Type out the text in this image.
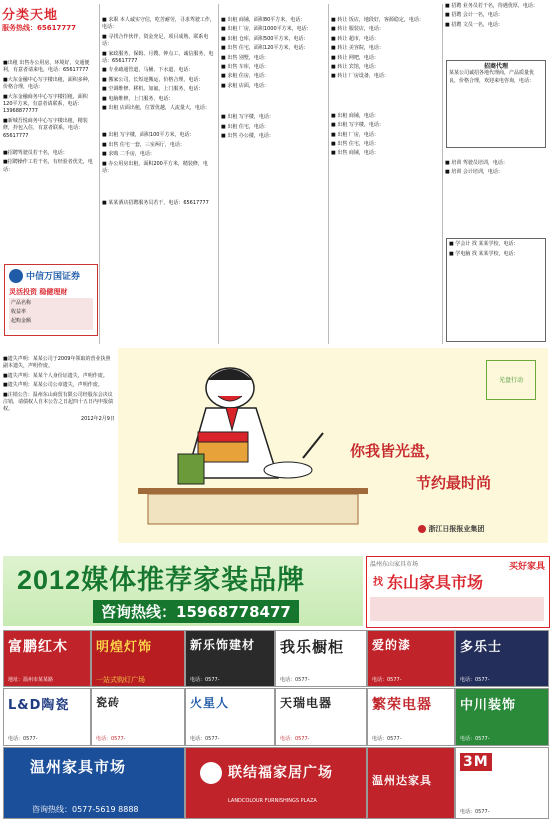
分类天地
服务热线：65617777

■出租 出售办公用房，环境好，交通便利，有意者请来电，电话：65617777

■大东金融中心写字楼出租，面积多种，价格合理，电话：

■大东金融商务中心写字楼招租，面积120平方米，有意者请联系，电话：13968877777

■新城吾悦商务中心写字楼出租，精装修，拎包入住，有意者联系，电话：65617777

■招聘驾驶员若干名，电话：

■招聘操作工若干名，有经验者优先，电话：

中信万国证券
灵活投资 稳健理财
产品名称
收益率
起购金额

■ 求职 本人诚实守信，吃苦耐劳，寻求驾驶工作，电话：

■ 寻找合作伙伴，资金充足，项目成熟，联系电话：

■ 家政服务，保姆、月嫂、钟点工，诚信服务，电话：65617777

■ 专业疏通管道，马桶、下水道，电话：

■ 搬家公司，长短途搬运，价格合理，电话：

■ 空调维修、移机、加氟，上门服务，电话：

■ 电脑维修，上门服务，电话：

■ 出租 店面出租，位置优越，人流量大，电话：

■ 出租 写字楼，面积100平方米，电话：

■ 出售 住宅一套，三室两厅，电话：

■ 求购 二手房，电话：

■ 办公用房出租，面积200平方米，精装修，电话：

■ 某某酒店招聘服务员若干，电话：65617777

■ 出租 商铺，面积80平方米，电话：

■ 出租 厂房，面积1000平方米，电话：

■ 出租 仓库，面积500平方米，电话：

■ 出售 住宅，面积120平方米，电话：

■ 出售 别墅，电话：

■ 出售 车库，电话：

■ 求租 住房，电话：

■ 求租 店面，电话：

■ 出租 写字楼，电话：

■ 出租 住宅，电话：

■ 出售 办公楼，电话：

■ 转让 饭店，地段好，客源稳定，电话：

■ 转让 服装店，电话：

■ 转让 超市，电话：

■ 转让 美容院，电话：

■ 转让 网吧，电话：

■ 转让 宾馆，电话：

■ 转让 厂房设备，电话：

■ 出租 商铺，电话：

■ 出租 写字楼，电话：

■ 出租 厂房，电话：

■ 出售 住宅，电话：

■ 出售 商铺，电话：

■ 招聘 业务员若干名，待遇优厚，电话：

■ 招聘 会计一名，电话：

■ 招聘 文员一名，电话：

招商代理
某某公司诚招各地代理商，产品质量优良，价格合理，欢迎来电咨询，电话：

■ 培训 驾驶员培训，电话：

■ 培训 会计培训，电话：

■ 学会计 找 某某学校，电话：

■ 学电脑 找 某某学校，电话：

■遗失声明：某某公司于2009年领取的营业执照副本遗失，声明作废。

■遗失声明：某某个人身份证遗失，声明作废。

■遗失声明：某某公司公章遗失，声明作废。

■注销公告：温州东山商贸有限公司经股东会决议注销，请债权人自本公告之日起四十五日内申报债权。

2012年2月9日

光盘行动
你我皆光盘，
节约最时尚
浙江日报报业集团
2012媒体推荐家装品牌
咨询热线：15968778477
温州东山家具市场	买好家具
找 东山家具市场
富鹏红木
地址：温州市某某路
明煌灯饰
一站式购灯广场
新乐饰建材
电话：0577-
我乐橱柜
电话：0577-
爱的漆
电话：0577-
多乐士
电话：0577-
L&D陶瓷
电话：0577-
瓷砖
电话：0577-
火星人
电话：0577-
天瑞电器
电话：0577-
繁荣电器
电话：0577-
中川装饰
电话：0577-
温州家具市场
咨询热线：0577-5619 8888
联结福家居广场
LANDCOLOUR FURNISHINGS PLAZA
温州达家具
3M
电话：0577-
